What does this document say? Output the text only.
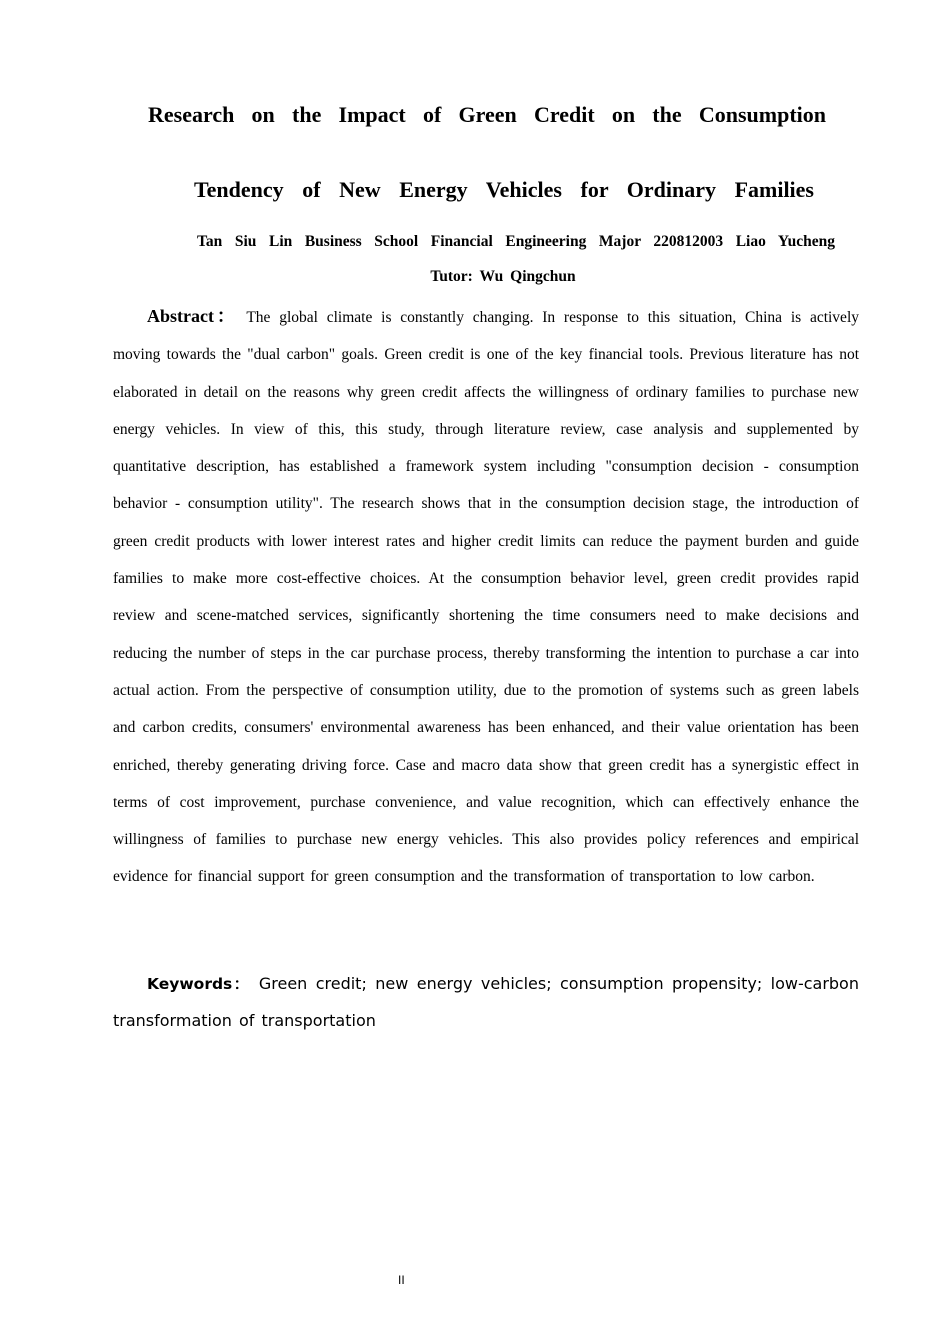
Research on the Impact of Green Credit on the Consumption

Tendency of New Energy Vehicles for Ordinary Families

Tan Siu Lin Business School Financial Engineering Major 220812003 Liao Yucheng

Tutor: Wu Qingchun

Abstract： The global climate is constantly changing. In response to this situation, China is actively moving towards the "dual carbon" goals. Green credit is one of the key financial tools. Previous literature has not elaborated in detail on the reasons why green credit affects the willingness of ordinary families to purchase new energy vehicles. In view of this, this study, through literature review, case analysis and supplemented by quantitative description, has established a framework system including "consumption decision - consumption behavior - consumption utility". The research shows that in the consumption decision stage, the introduction of green credit products with lower interest rates and higher credit limits can reduce the payment burden and guide families to make more cost-effective choices. At the consumption behavior level, green credit provides rapid review and scene-matched services, significantly shortening the time consumers need to make decisions and reducing the number of steps in the car purchase process, thereby transforming the intention to purchase a car into actual action. From the perspective of consumption utility, due to the promotion of systems such as green labels and carbon credits, consumers' environmental awareness has been enhanced, and their value orientation has been enriched, thereby generating driving force. Case and macro data show that green credit has a synergistic effect in terms of cost improvement, purchase convenience, and value recognition, which can effectively enhance the willingness of families to purchase new energy vehicles. This also provides policy references and empirical evidence for financial support for green consumption and the transformation of transportation to low carbon.

Keywords： Green credit; new energy vehicles; consumption propensity; low-carbon transformation of transportation

II
